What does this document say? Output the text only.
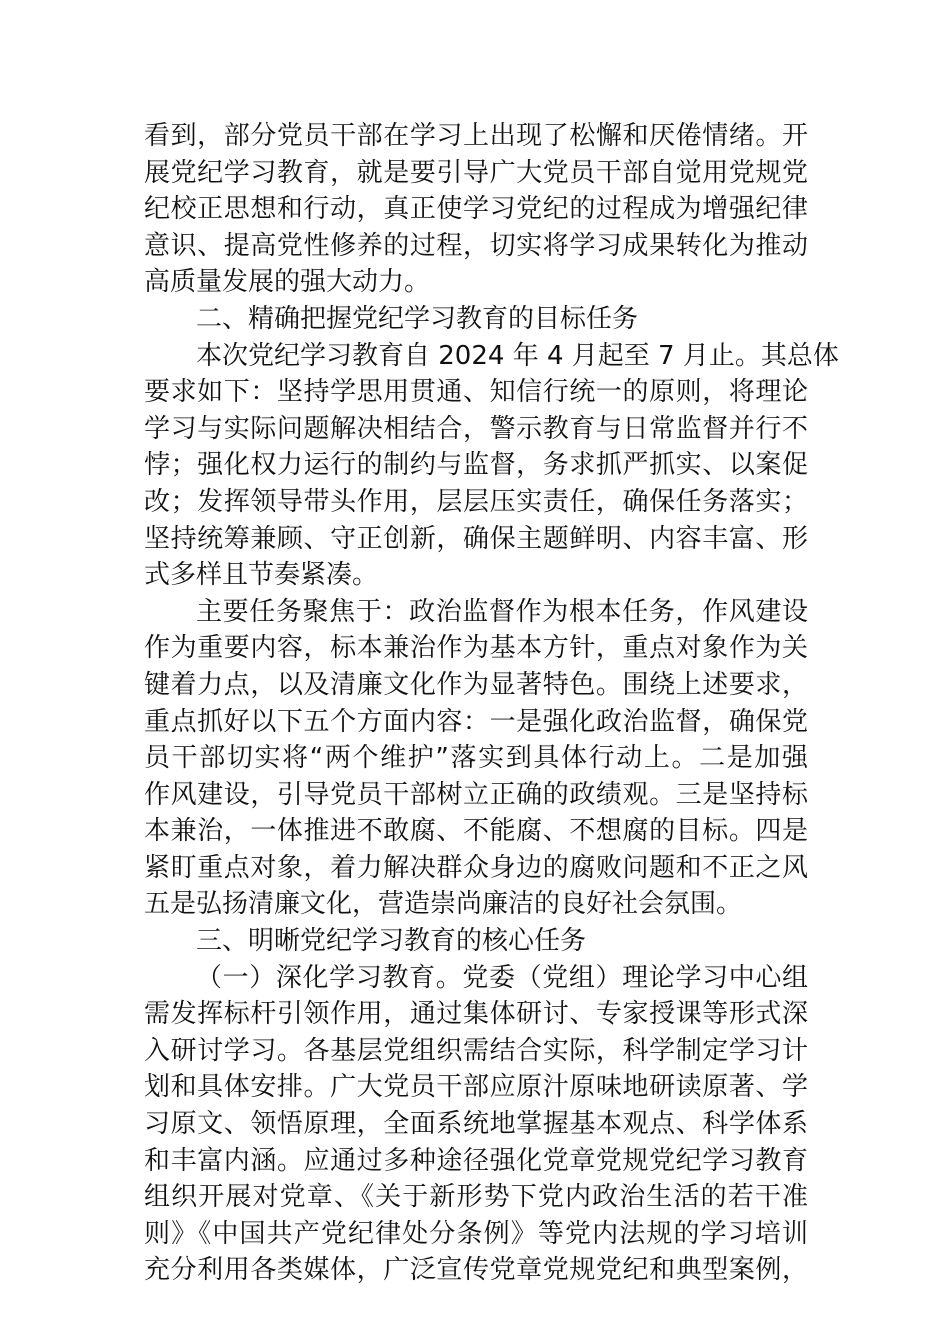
看到，部分党员干部在学习上出现了松懈和厌倦情绪。开
展党纪学习教育，就是要引导广大党员干部自觉用党规党
纪校正思想和行动，真正使学习党纪的过程成为增强纪律
意识、提高党性修养的过程，切实将学习成果转化为推动
高质量发展的强大动力。
二、精确把握党纪学习教育的目标任务
本次党纪学习教育自 2024 年 4 月起至 7 月止。其总体
要求如下：坚持学思用贯通、知信行统一的原则，将理论
学习与实际问题解决相结合，警示教育与日常监督并行不
悖；强化权力运行的制约与监督，务求抓严抓实、以案促
改；发挥领导带头作用，层层压实责任，确保任务落实；
坚持统筹兼顾、守正创新，确保主题鲜明、内容丰富、形
式多样且节奏紧凑。
主要任务聚焦于：政治监督作为根本任务，作风建设
作为重要内容，标本兼治作为基本方针，重点对象作为关
键着力点，以及清廉文化作为显著特色。围绕上述要求，
重点抓好以下五个方面内容：一是强化政治监督，确保党
员干部切实将“两个维护”落实到具体行动上。二是加强
作风建设，引导党员干部树立正确的政绩观。三是坚持标
本兼治，一体推进不敢腐、不能腐、不想腐的目标。四是
紧盯重点对象，着力解决群众身边的腐败问题和不正之风
五是弘扬清廉文化，营造崇尚廉洁的良好社会氛围。
三、明晰党纪学习教育的核心任务
（一）深化学习教育。党委（党组）理论学习中心组
需发挥标杆引领作用，通过集体研讨、专家授课等形式深
入研讨学习。各基层党组织需结合实际，科学制定学习计
划和具体安排。广大党员干部应原汁原味地研读原著、学
习原文、领悟原理，全面系统地掌握基本观点、科学体系
和丰富内涵。应通过多种途径强化党章党规党纪学习教育
组织开展对党章、《关于新形势下党内政治生活的若干准
则》《中国共产党纪律处分条例》等党内法规的学习培训
充分利用各类媒体，广泛宣传党章党规党纪和典型案例，
